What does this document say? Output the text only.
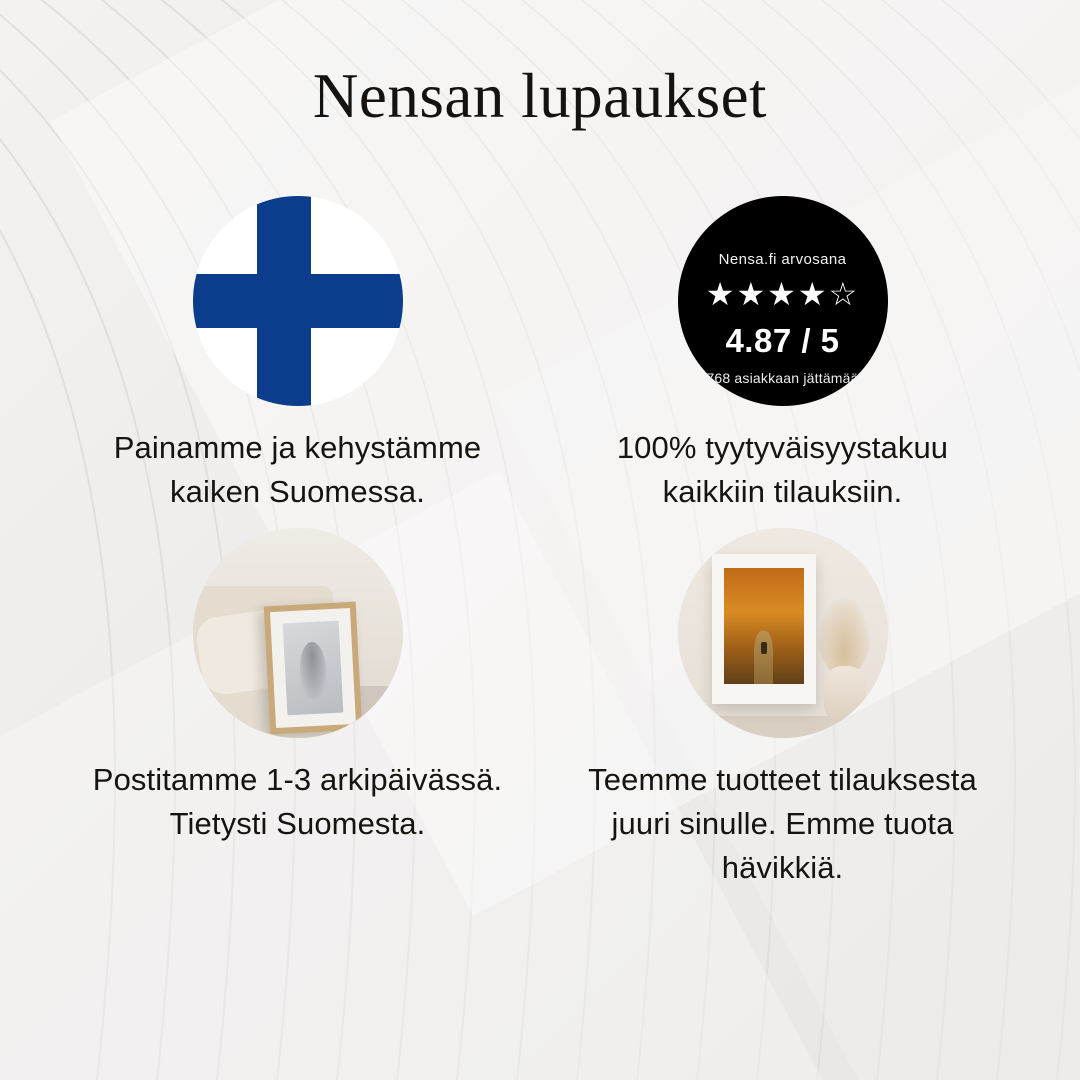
Nensan lupaukset
Painamme ja kehystämme kaiken Suomessa.
Nensa.fi arvosana
★★★★☆
4.87 / 5
768 asiakkaan jättämää
100% tyytyväisyystakuu kaikkiin tilauksiin.
Postitamme 1-3 arkipäivässä. Tietysti Suomesta.
Teemme tuotteet tilauksesta juuri sinulle. Emme tuota hävikkiä.
